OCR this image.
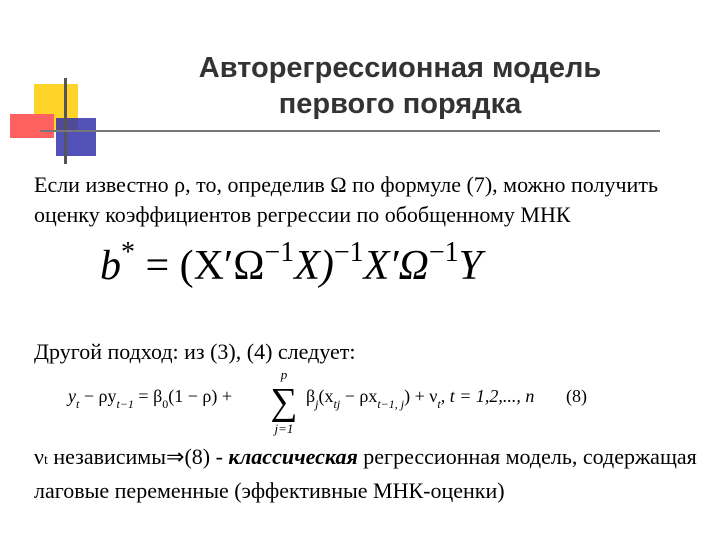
Авторегрессионная модель
первого порядка
Если известно ρ, то, определив Ω по формуле (7), можно получить оценку коэффициентов регрессии по обобщенному МНК
$b^* = (X'\Omega^{-1}X)^{-1}X'\Omega^{-1}Y$
Другой подход: из (3), (4) следует:
$y_t - \rho y_{t-1} = \beta_0(1 - \rho)$ +
p
∑
j=1
$\beta_j(x_{tj} - \rho x_{t-1, j}) + \nu_t$, t = 1,2,..., n (8)
νt независимы⇒(8) - классическая регрессионная модель, содержащая лаговые переменные (эффективные МНК-оценки)
